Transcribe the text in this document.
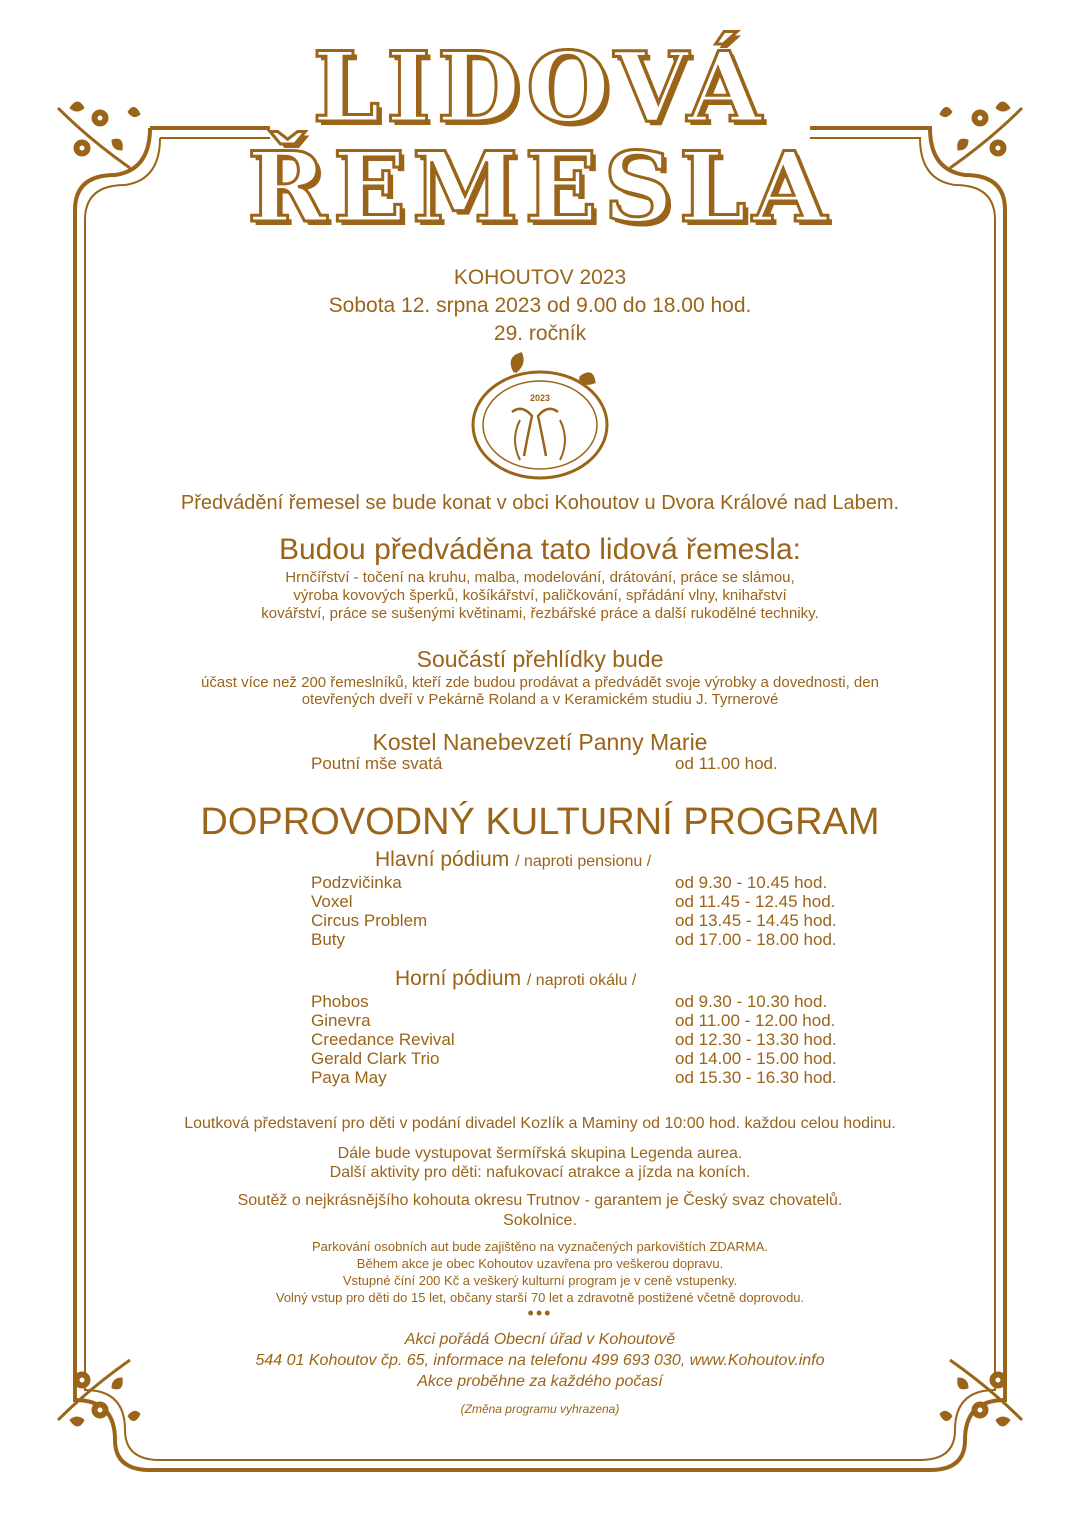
2023
LIDOVÁ
ŘEMESLA
KOHOUTOV 2023
Sobota 12. srpna 2023 od 9.00 do 18.00 hod.
29. ročník
Předvádění řemesel se bude konat v obci Kohoutov u Dvora Králové nad Labem.
Budou předváděna tato lidová řemesla:
Hrnčířství - točení na kruhu, malba, modelování, drátování, práce se slámou,
výroba kovových šperků, košíkářství, paličkování, spřádání vlny, knihařství
kovářství, práce se sušenými květinami, řezbářské práce a další rukodělné techniky.
Součástí přehlídky bude
účast více než 200 řemeslníků, kteří zde budou prodávat a předvádět svoje výrobky a dovednosti, den
otevřených dveří v Pekárně Roland a v Keramickém studiu J. Tyrnerové
Kostel Nanebevzetí Panny Marie
Poutní mše svatá	od 11.00 hod.
DOPROVODNÝ KULTURNÍ PROGRAM
Hlavní pódium / naproti pensionu /
Podzvičinka	od 9.30 - 10.45 hod.
Voxel	od 11.45 - 12.45 hod.
Circus Problem	od 13.45 - 14.45 hod.
Buty	od 17.00 - 18.00 hod.
Horní pódium / naproti okálu /
Phobos	od 9.30 - 10.30 hod.
Ginevra	od 11.00 - 12.00 hod.
Creedance Revival	od 12.30 - 13.30 hod.
Gerald Clark Trio	od 14.00 - 15.00 hod.
Paya May	od 15.30 - 16.30 hod.
Loutková představení pro děti v podání divadel Kozlík a Maminy od 10:00 hod. každou celou hodinu.
Dále bude vystupovat šermířská skupina Legenda aurea.
Další aktivity pro děti: nafukovací atrakce a jízda na koních.
Soutěž o nejkrásnějšího kohouta okresu Trutnov - garantem je Český svaz chovatelů.
Sokolnice.
Parkování osobních aut bude zajištěno na vyznačených parkovištích ZDARMA.
Během akce je obec Kohoutov uzavřena pro veškerou dopravu.
Vstupné číní 200 Kč a veškerý kulturní program je v ceně vstupenky.
Volný vstup pro děti do 15 let, občany starší 70 let a zdravotně postižené včetně doprovodu.
•••
Akci pořádá Obecní úřad v Kohoutově
544 01 Kohoutov čp. 65, informace na telefonu 499 693 030, www.Kohoutov.info
Akce proběhne za každého počasí
(Změna programu vyhrazena)
